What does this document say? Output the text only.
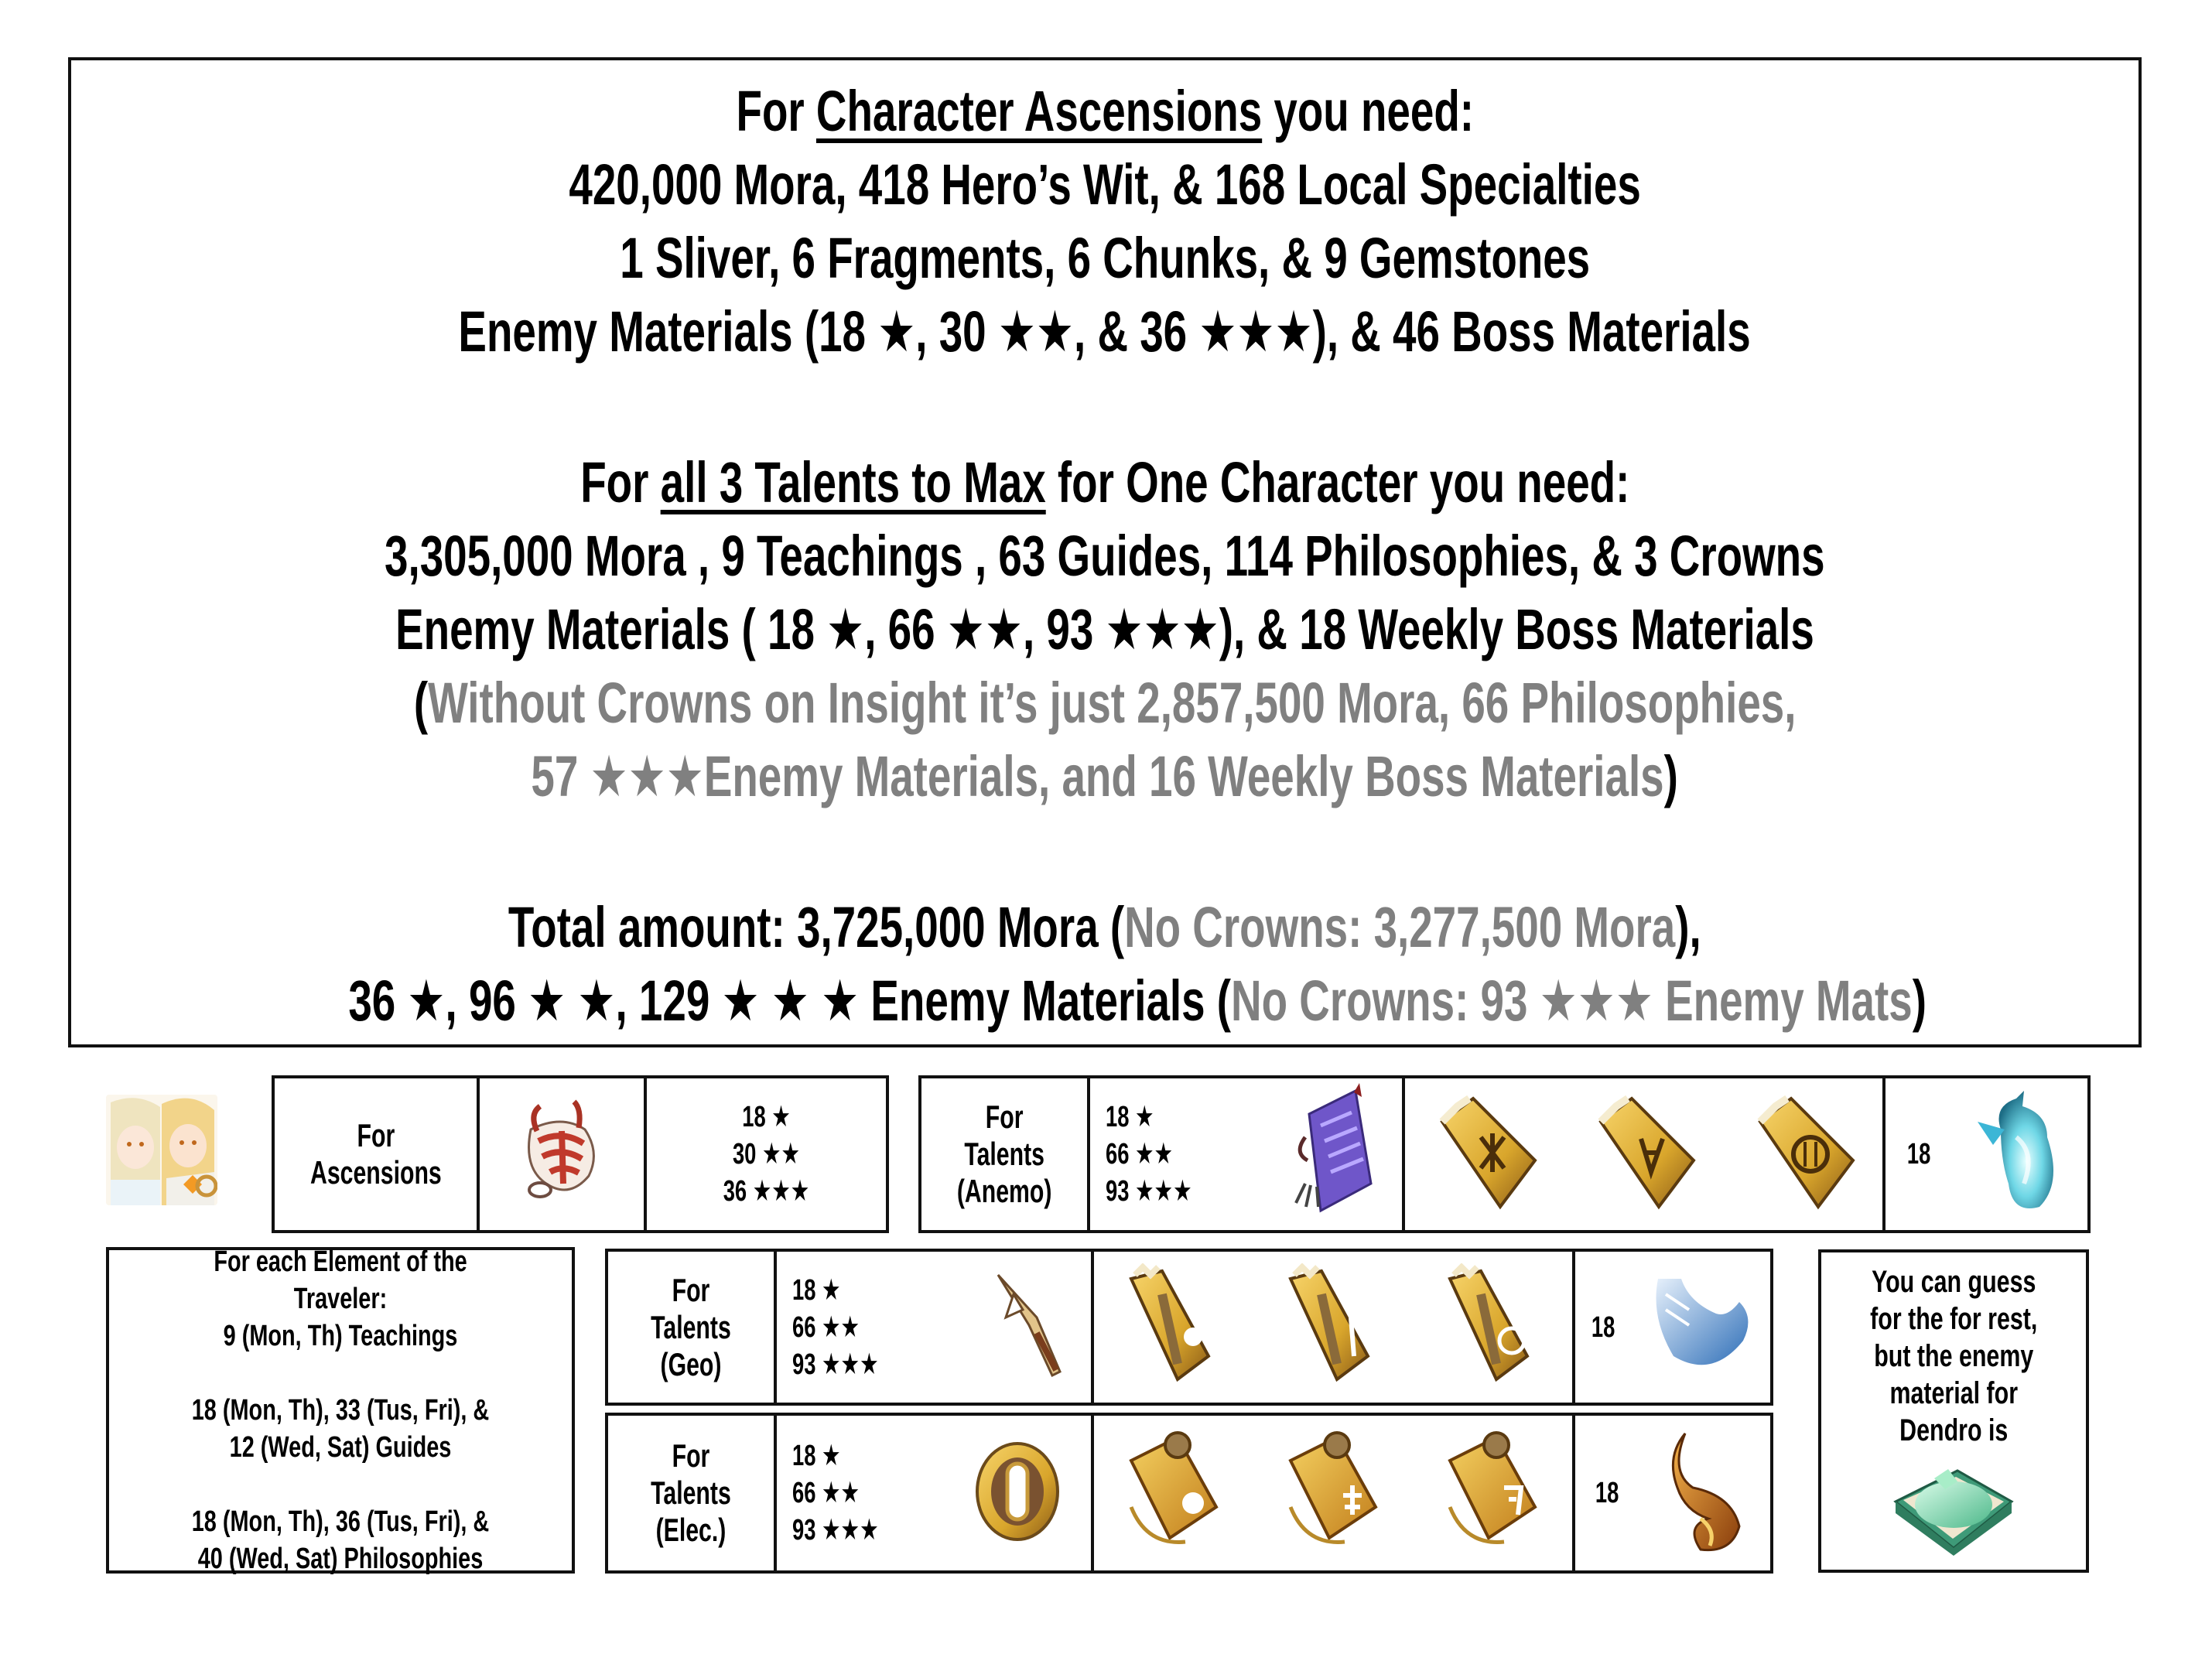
For Character Ascensions you need:
420,000 Mora, 418 Hero’s Wit, & 168 Local Specialties
1 Sliver, 6 Fragments, 6 Chunks, & 9 Gemstones
Enemy Materials (18 ★, 30 ★★, & 36 ★★★), & 46 Boss Materials
For all 3 Talents to Max for One Character you need:
3,305,000 Mora , 9 Teachings , 63 Guides, 114 Philosophies, & 3 Crowns
Enemy Materials ( 18 ★, 66 ★★, 93 ★★★), & 18 Weekly Boss Materials
(Without Crowns on Insight it’s just 2,857,500 Mora, 66 Philosophies,
57 ★★★Enemy Materials, and 16 Weekly Boss Materials)
Total amount: 3,725,000 Mora (No Crowns: 3,277,500 Mora),
36 ★, 96 ★ ★, 129 ★ ★ ★ Enemy Materials (No Crowns: 93 ★★★ Enemy Mats)
For
Ascensions
18 ★
30 ★★
36 ★★★
For
Talents
(Anemo)
18 ★
66 ★★
93 ★★★
18
For each Element of the Traveler:
9 (Mon, Th) Teachings

18 (Mon, Th), 33 (Tus, Fri), &
12 (Wed, Sat) Guides

18 (Mon, Th), 36 (Tus, Fri), &
40 (Wed, Sat) Philosophies
For
Talents
(Geo)
18 ★
66 ★★
93 ★★★
18
For
Talents
(Elec.)
18 ★
66 ★★
93 ★★★
18
You can guess
for the for rest,
but the enemy
material for
Dendro is
